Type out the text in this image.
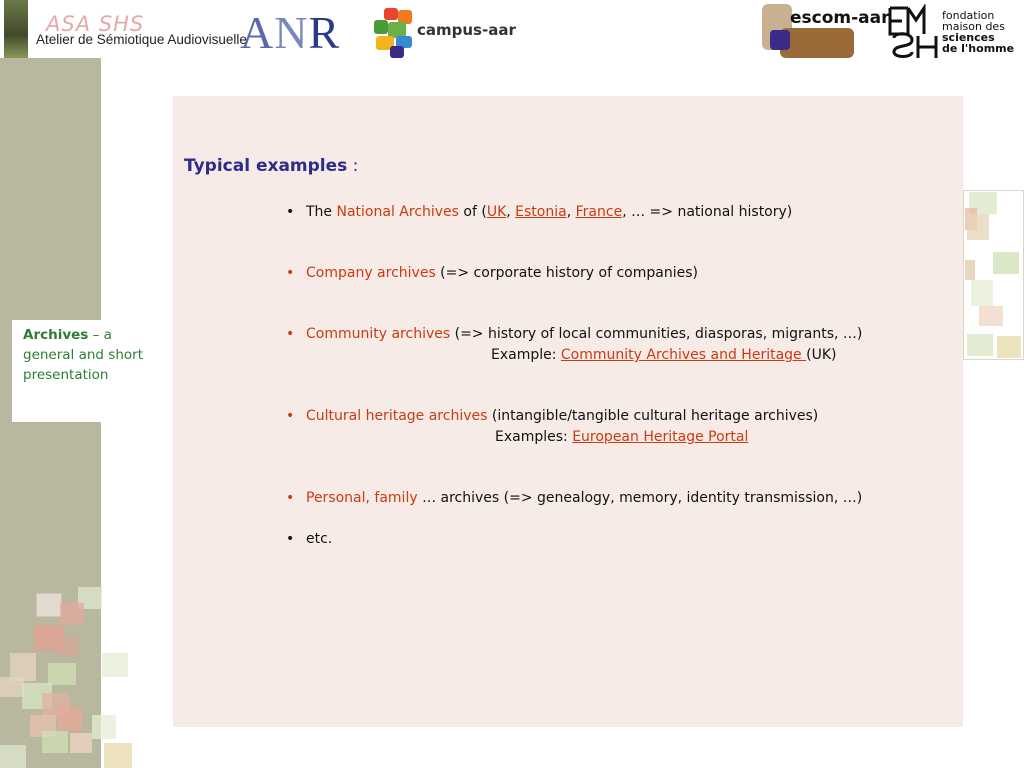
ASA SHS
Atelier de Sémiotique Audiovisuelle
ANR	campus-aar
escom-aar	fondation
maison des
sciences
de l'homme

Archives – a

general and short

presentation

Typical examples :
• The National Archives of (UK, Estonia, France, … => national history)
• Company archives (=> corporate history of companies)
• Community archives (=> history of local communities, diasporas, migrants, …)
Example: Community Archives and Heritage (UK)
• Cultural heritage archives (intangible/tangible cultural heritage archives)
Examples: European Heritage Portal
• Personal, family … archives (=> genealogy, memory, identity transmission, …)
• etc.
